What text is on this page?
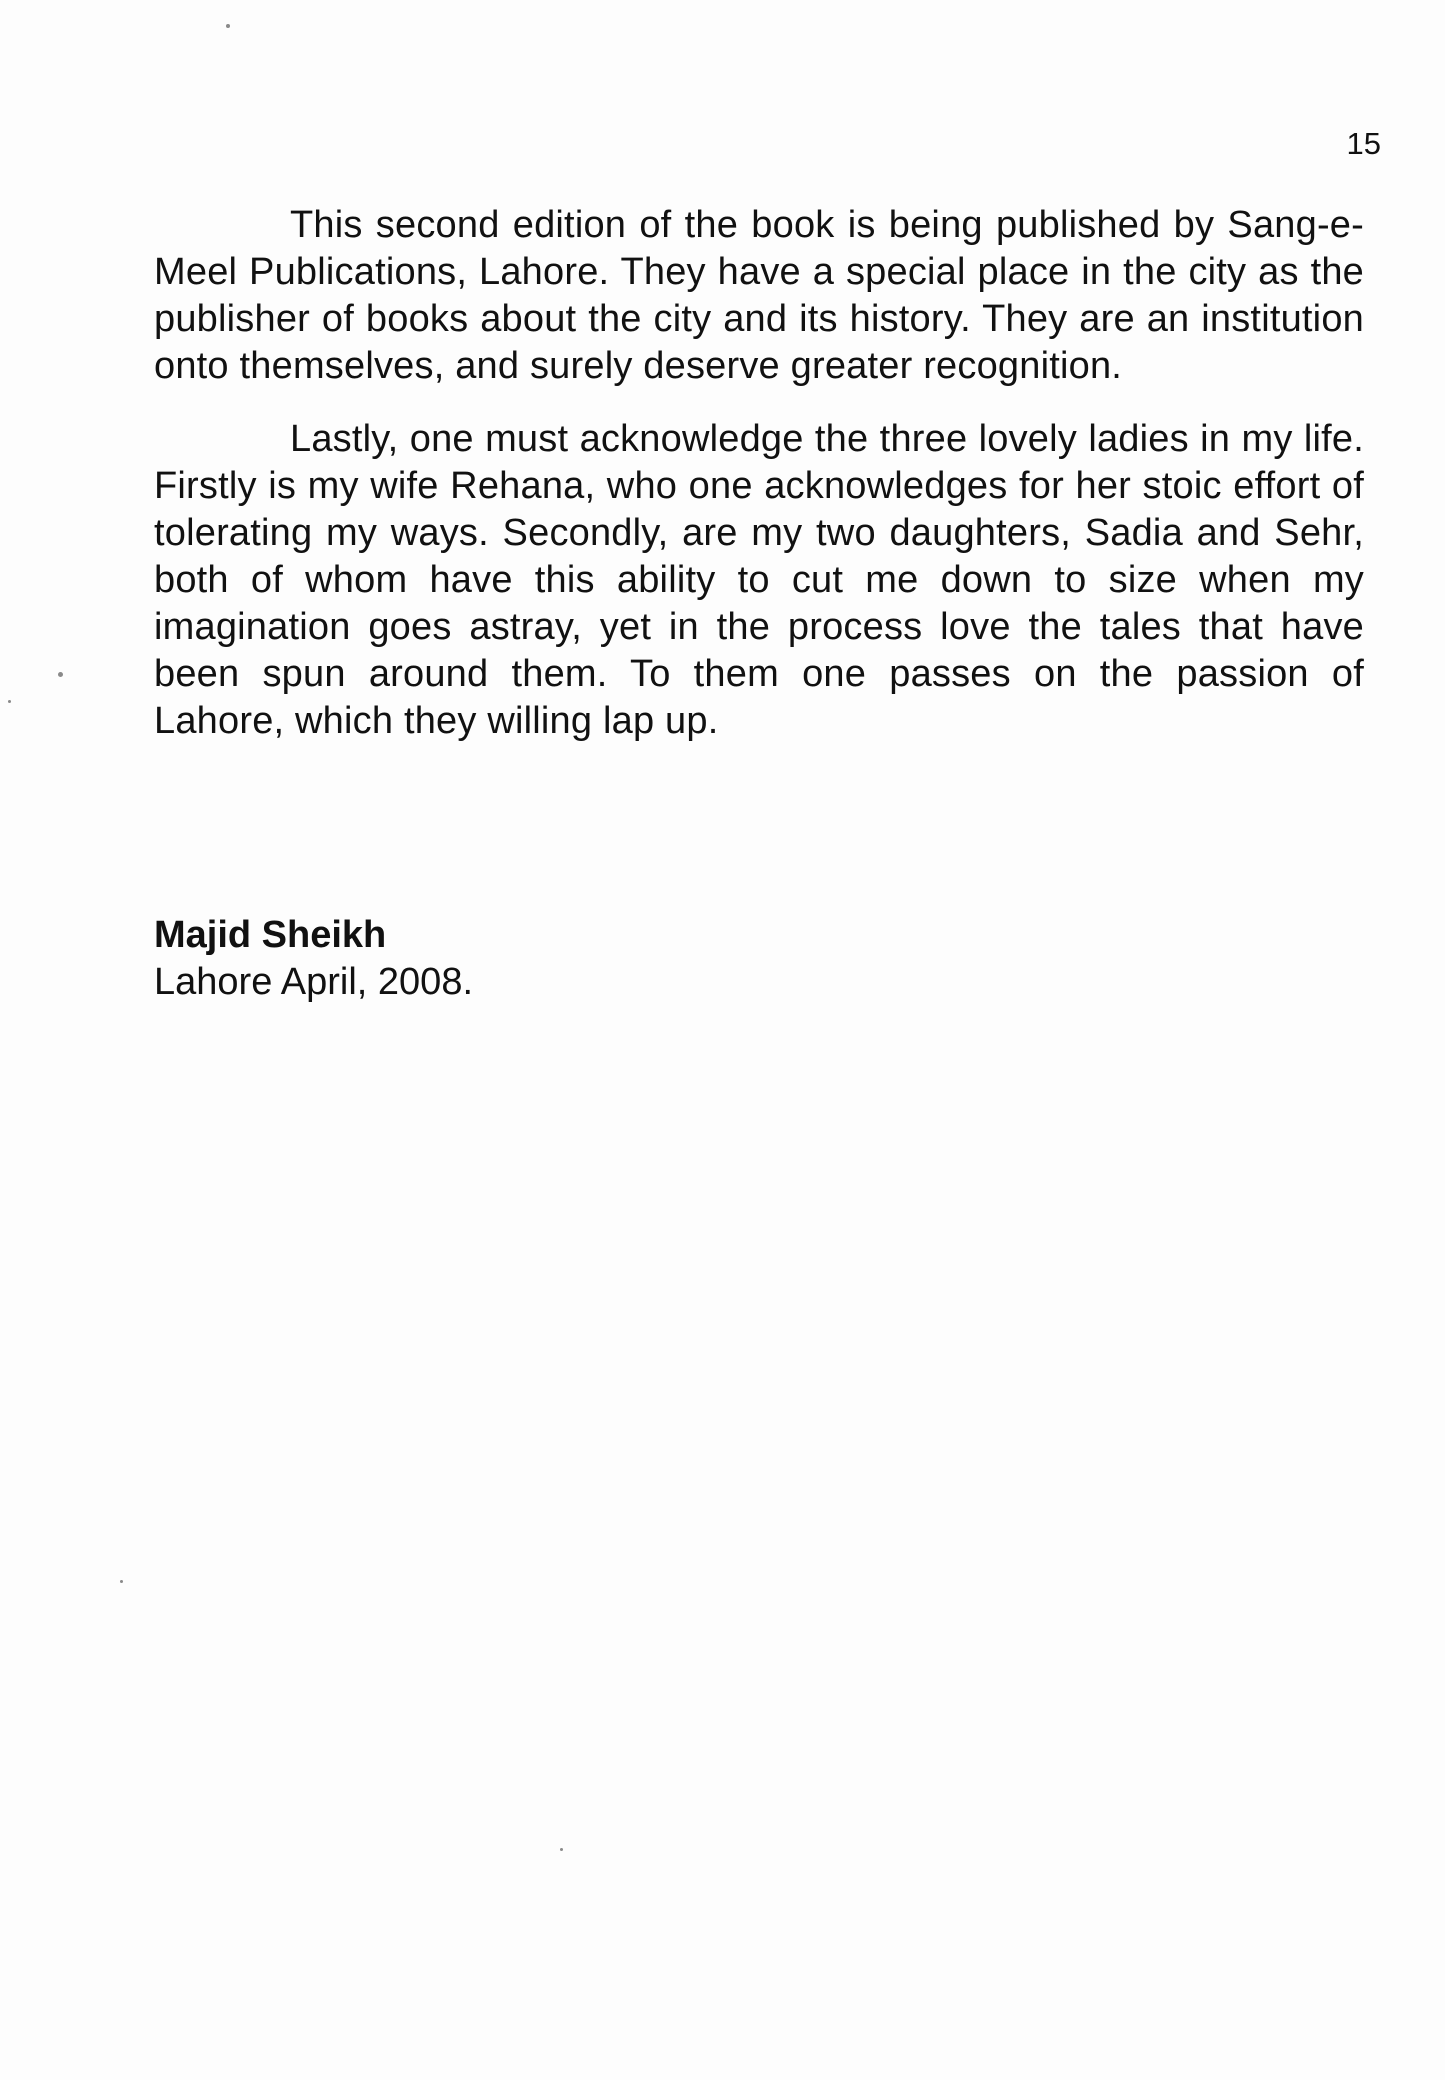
15

This second edition of the book is being published by Sang-e-Meel Publications, Lahore. They have a special place in the city as the publisher of books about the city and its history. They are an institution onto themselves, and surely deserve greater recognition.

Lastly, one must acknowledge the three lovely ladies in my life. Firstly is my wife Rehana, who one acknowledges for her stoic effort of tolerating my ways. Secondly, are my two daughters, Sadia and Sehr, both of whom have this ability to cut me down to size when my imagination goes astray, yet in the process love the tales that have been spun around them. To them one passes on the passion of Lahore, which they willing lap up.

Majid Sheikh
Lahore April, 2008.
